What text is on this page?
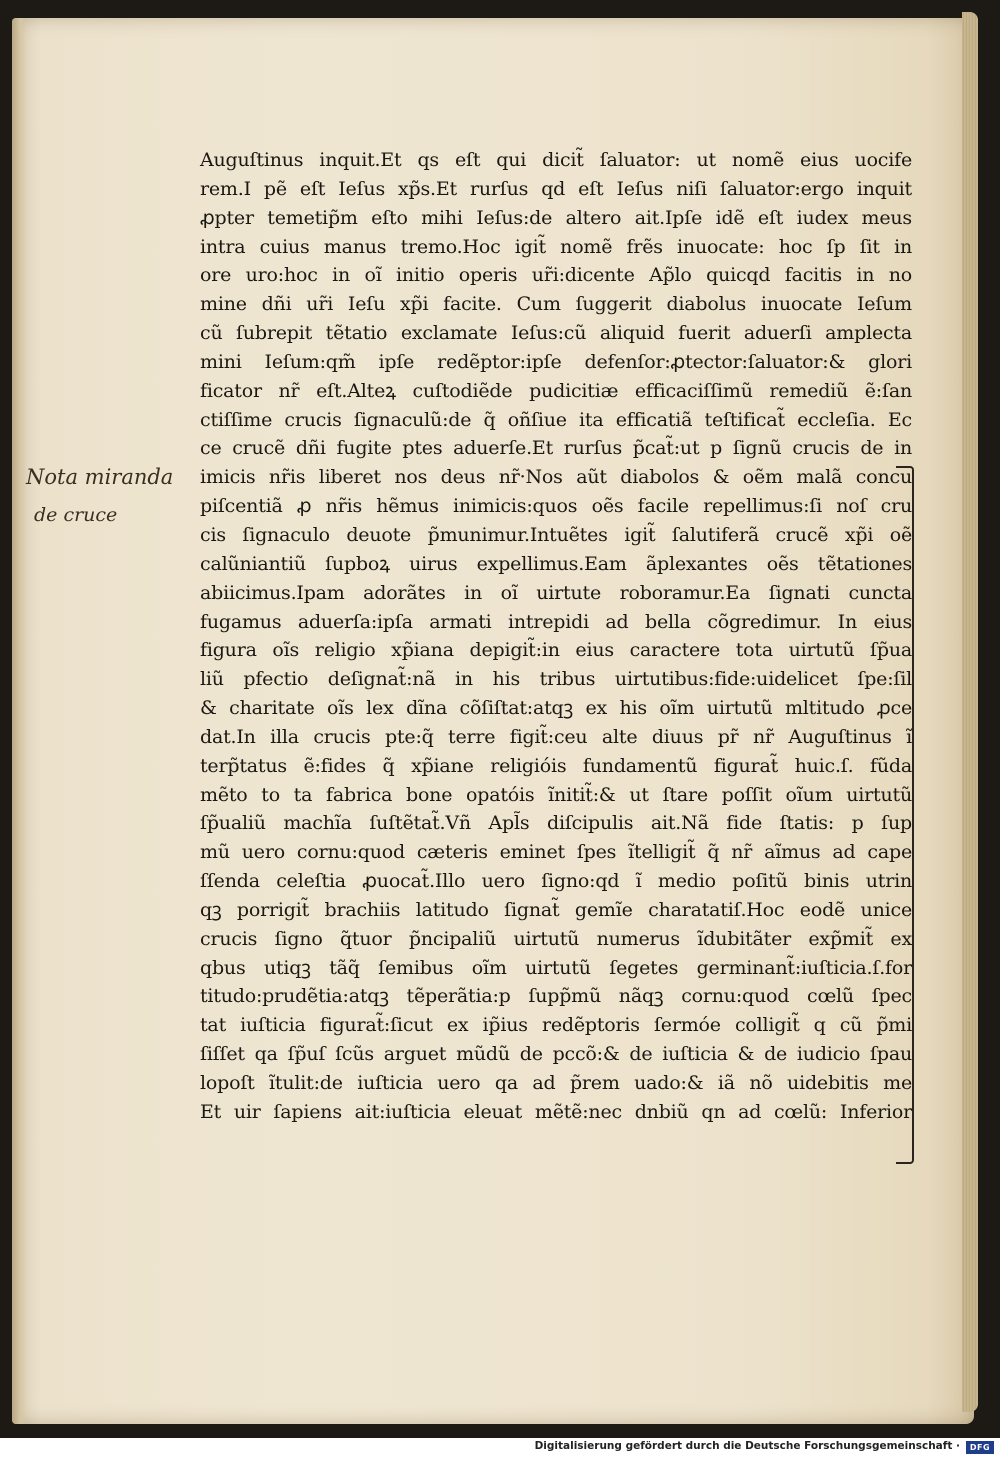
Nota miranda
de cruce
Auguſtinus inquit.Et qs eſt qui dicit̃ ſaluator: ut nomẽ eius uocife
rem.I pẽ eſt Ieſus xp̃s.Et rurſus qd eſt Ieſus niſi ſaluator:ergo inquit
ꝓpter temetip̃m eſto mihi Ieſus:de altero ait.Ipſe idẽ eſt iudex meus
intra cuius manus tremo.Hoc igit̃ nomẽ frẽs inuocate: hoc ſp ſit in
ore uro:hoc in oı̃ initio operis ur̃i:dicente Ap̃lo quicqd facitis in no
mine dñi ur̃i Ieſu xp̃i facite. Cum ſuggerit diabolus inuocate Ieſum
cũ ſubrepit tẽtatio exclamate Ieſus:cũ aliquid fuerit aduerſi amplecta
mini Ieſum:qm̃ ipſe redẽptor:ipſe defenſor:ꝓtector:ſaluator:& glori
ficator nr̃ eſt.Alteꝝ cuſtodiẽde pudicitiæ efficaciſſimũ remediũ ẽ:ſan
ctiſſime crucis ſignaculũ:de q̃ oñſiue ita efficatiã teſtificat̃ eccleſia. Ec
ce crucẽ dñi fugite ptes aduerſe.Et rurſus p̃cat̃:ut p ſignũ crucis de in
imicis nr̃is liberet nos deus nr̃·Nos aũt diabolos & oẽm malã concu
piſcentiã ꝓ nr̃is hẽmus inimicis:quos oẽs facile repellimus:ſi noſ cru
cis ſignaculo deuote p̃munimur.Intuẽtes igit̃ ſalutiferã crucẽ xp̃i oẽ
calũniantiũ ſupboꝝ uirus expellimus.Eam ãplexantes oẽs tẽtationes
abiicimus.Ipam adorãtes in oı̃ uirtute roboramur.Ea ſignati cuncta
fugamus aduerſa:ipſa armati intrepidi ad bella cõgredimur. In eius
figura oı̃s religio xp̃iana depigit̃:in eius caractere tota uirtutũ ſp̃ua
liũ pfectio deſignat̃:nã in his tribus uirtutibus:fide:uidelicet ſpe:ſil
& charitate oı̃s lex dĩna cõſiſtat:atqꝫ ex his oı̃m uirtutũ mltitudo ꝓce
dat.In illa crucis pte:q̃ terre figit̃:ceu alte diuus pr̃ nr̃ Auguſtinus ı̃
terp̃tatus ẽ:fides q̃ xp̃iane religióis fundamentũ figurat̃ huic.ſ. fũda
mẽto to ta fabrica bone opatóis ı̃nitit̃:& ut ſtare poſſit oı̃um uirtutũ
ſp̃ualiũ machı̃a ſuſtẽtat̃.Vñ Apl̃s diſcipulis ait.Nã fide ſtatis: p ſup
mũ uero cornu:quod cæteris eminet ſpes ı̃telligit̃ q̃ nr̃ aı̃mus ad cape
ſſenda celeſtia ꝓuocat̃.Illo uero ſigno:qd ı̃ medio poſitũ binis utrin
qꝫ porrigit̃ brachiis latitudo ſignat̃ gemı̃e charatatiſ.Hoc eodẽ unice
crucis ſigno q̃tuor p̃ncipaliũ uirtutũ numerus ı̃dubitãter exp̃mit̃ ex
qbus utiqꝫ tãq̃ ſemibus oı̃m uirtutũ ſegetes germinant̃:iuſticia.ſ.for
titudo:prudẽtia:atqꝫ tẽperãtia:p ſupp̃mũ nãqꝫ cornu:quod cœlũ ſpec
tat iuſticia figurat̃:ſicut ex ip̃ius redẽptoris ſermóe colligit̃ q cũ p̃mi
ſiſſet qa ſp̃uſ ſcũs arguet mũdũ de pccõ:& de iuſticia & de iudicio ſpau
lopoſt ı̃tulit:de iuſticia uero qa ad p̃rem uado:& iã nõ uidebitis me
Et uir ſapiens ait:iuſticia eleuat mẽtẽ:nec dnbiũ qn ad cœlũ: Inferior
Digitalisierung gefördert durch die Deutsche Forschungsgemeinschaft ·	DFG
